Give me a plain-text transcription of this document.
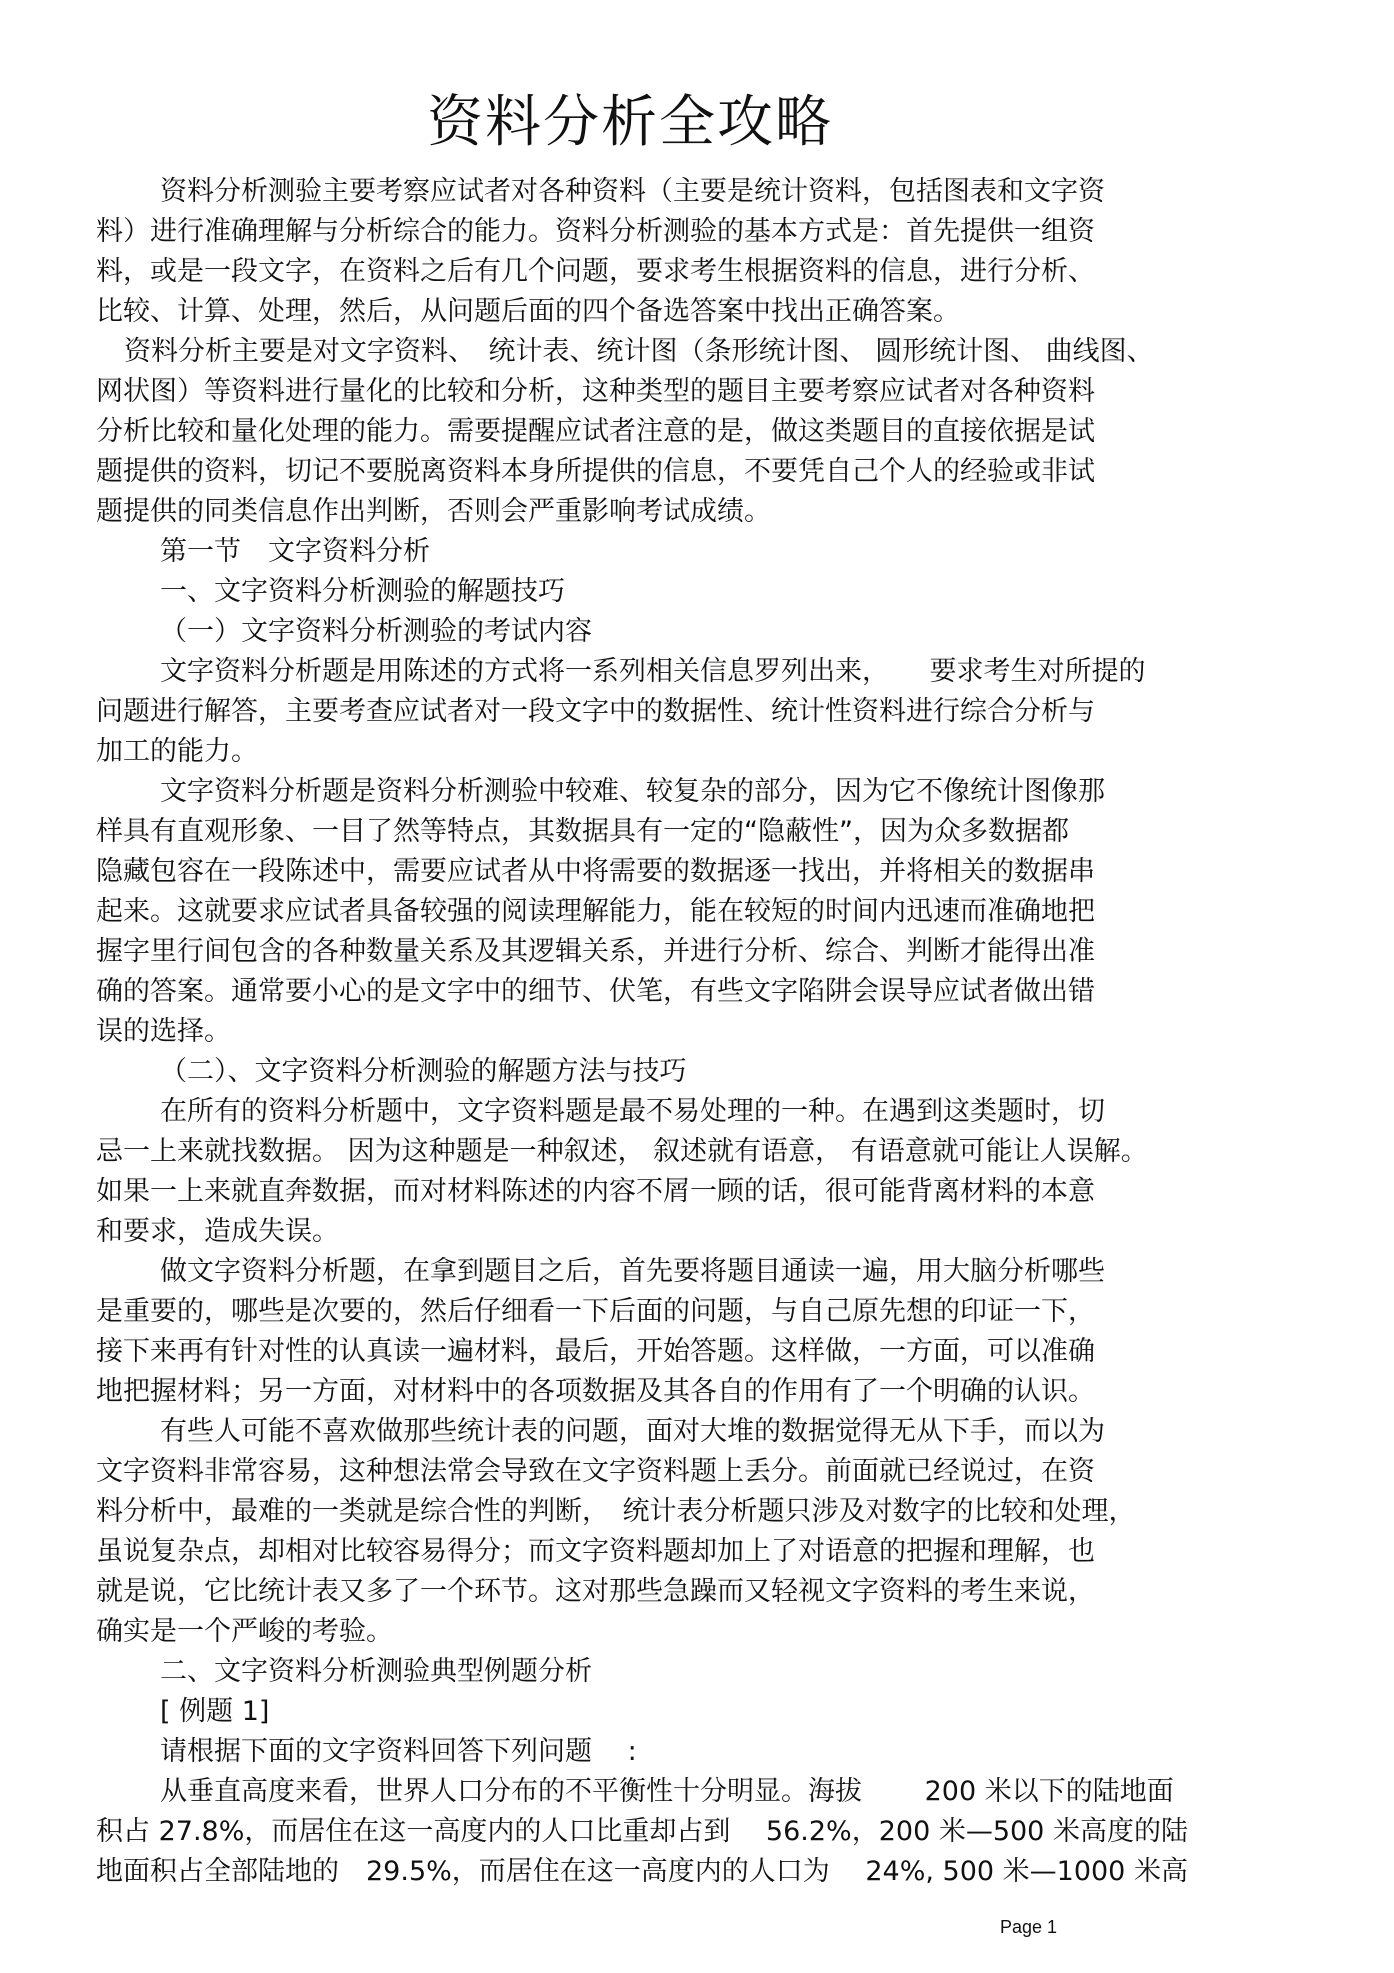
资料分析全攻略
资料分析测验主要考察应试者对各种资料（主要是统计资料，包括图表和文字资
料）进行准确理解与分析综合的能力。资料分析测验的基本方式是：首先提供一组资
料，或是一段文字，在资料之后有几个问题，要求考生根据资料的信息，进行分析、
比较、计算、处理，然后，从问题后面的四个备选答案中找出正确答案。
资料分析主要是对文字资料、　统计表、统计图（条形统计图、 圆形统计图、 曲线图、
网状图）等资料进行量化的比较和分析，这种类型的题目主要考察应试者对各种资料
分析比较和量化处理的能力。需要提醒应试者注意的是，做这类题目的直接依据是试
题提供的资料，切记不要脱离资料本身所提供的信息，不要凭自己个人的经验或非试
题提供的同类信息作出判断，否则会严重影响考试成绩。
第一节　文字资料分析
一、文字资料分析测验的解题技巧
（一）文字资料分析测验的考试内容
文字资料分析题是用陈述的方式将一系列相关信息罗列出来，　　要求考生对所提的
问题进行解答，主要考查应试者对一段文字中的数据性、统计性资料进行综合分析与
加工的能力。
文字资料分析题是资料分析测验中较难、较复杂的部分，因为它不像统计图像那
样具有直观形象、一目了然等特点，其数据具有一定的“隐蔽性”，因为众多数据都
隐藏包容在一段陈述中，需要应试者从中将需要的数据逐一找出，并将相关的数据串
起来。这就要求应试者具备较强的阅读理解能力，能在较短的时间内迅速而准确地把
握字里行间包含的各种数量关系及其逻辑关系，并进行分析、综合、判断才能得出准
确的答案。通常要小心的是文字中的细节、伏笔，有些文字陷阱会误导应试者做出错
误的选择。
（二）、文字资料分析测验的解题方法与技巧
在所有的资料分析题中，文字资料题是最不易处理的一种。在遇到这类题时，切
忌一上来就找数据。 因为这种题是一种叙述， 叙述就有语意， 有语意就可能让人误解。
如果一上来就直奔数据，而对材料陈述的内容不屑一顾的话，很可能背离材料的本意
和要求，造成失误。
做文字资料分析题，在拿到题目之后，首先要将题目通读一遍，用大脑分析哪些
是重要的，哪些是次要的，然后仔细看一下后面的问题，与自己原先想的印证一下，
接下来再有针对性的认真读一遍材料，最后，开始答题。这样做，一方面，可以准确
地把握材料；另一方面，对材料中的各项数据及其各自的作用有了一个明确的认识。
有些人可能不喜欢做那些统计表的问题，面对大堆的数据觉得无从下手，而以为
文字资料非常容易，这种想法常会导致在文字资料题上丢分。前面就已经说过，在资
料分析中，最难的一类就是综合性的判断，　统计表分析题只涉及对数字的比较和处理，
虽说复杂点，却相对比较容易得分；而文字资料题却加上了对语意的把握和理解，也
就是说，它比统计表又多了一个环节。这对那些急躁而又轻视文字资料的考生来说，
确实是一个严峻的考验。
二、文字资料分析测验典型例题分析
[ 例题 1]
请根据下面的文字资料回答下列问题　 :
从垂直高度来看，世界人口分布的不平衡性十分明显。海拔　　 200 米以下的陆地面
积占 27.8%，而居住在这一高度内的人口比重却占到　 56.2%，200 米—500 米高度的陆
地面积占全部陆地的　29.5%，而居住在这一高度内的人口为　 24%, 500 米—1000 米高
Page 1
